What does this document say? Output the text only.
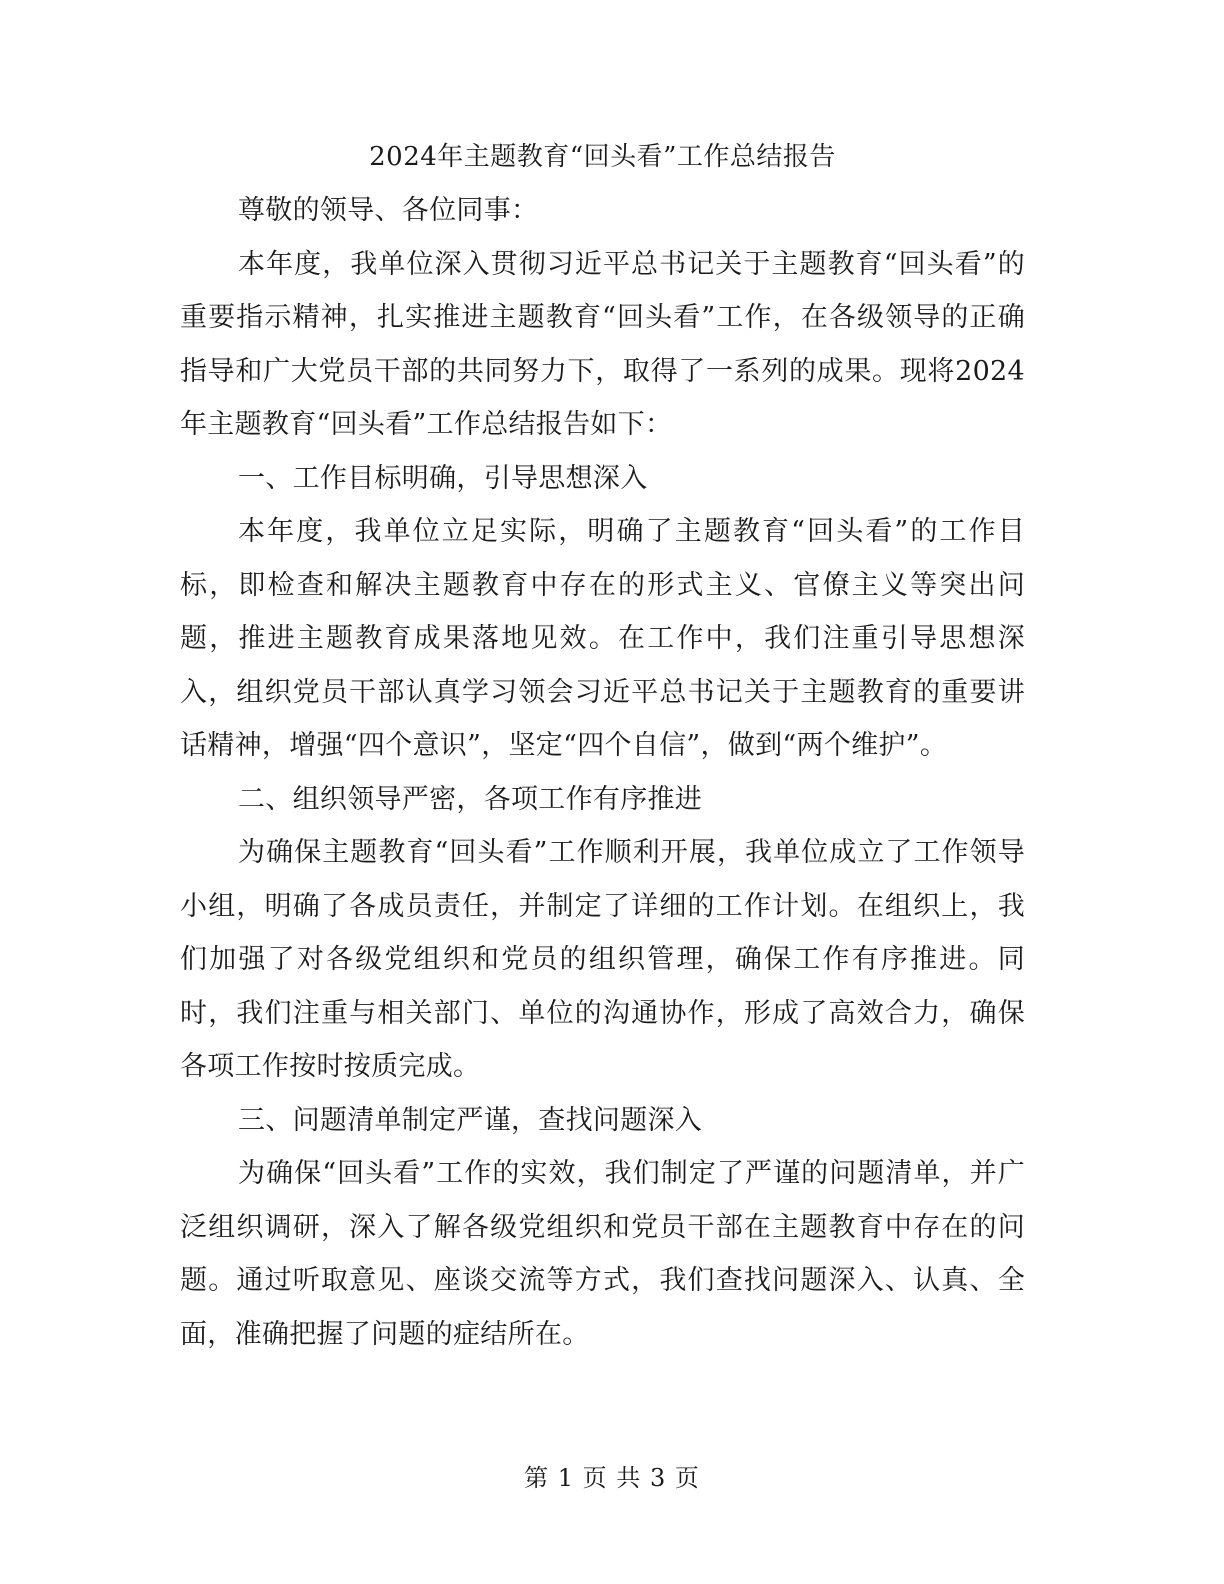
2024年主题教育“回头看”工作总结报告

尊敬的领导、各位同事：

本年度，我单位深入贯彻习近平总书记关于主题教育“回头看”的重要指示精神，扎实推进主题教育“回头看”工作，在各级领导的正确指导和广大党员干部的共同努力下，取得了一系列的成果。现将2024年主题教育“回头看”工作总结报告如下：

一、工作目标明确，引导思想深入

本年度，我单位立足实际，明确了主题教育“回头看”的工作目标，即检查和解决主题教育中存在的形式主义、官僚主义等突出问题，推进主题教育成果落地见效。在工作中，我们注重引导思想深入，组织党员干部认真学习领会习近平总书记关于主题教育的重要讲话精神，增强“四个意识”，坚定“四个自信”，做到“两个维护”。

二、组织领导严密，各项工作有序推进

为确保主题教育“回头看”工作顺利开展，我单位成立了工作领导小组，明确了各成员责任，并制定了详细的工作计划。在组织上，我们加强了对各级党组织和党员的组织管理，确保工作有序推进。同时，我们注重与相关部门、单位的沟通协作，形成了高效合力，确保各项工作按时按质完成。

三、问题清单制定严谨，查找问题深入

为确保“回头看”工作的实效，我们制定了严谨的问题清单，并广泛组织调研，深入了解各级党组织和党员干部在主题教育中存在的问题。通过听取意见、座谈交流等方式，我们查找问题深入、认真、全面，准确把握了问题的症结所在。

第 1 页 共 3 页
